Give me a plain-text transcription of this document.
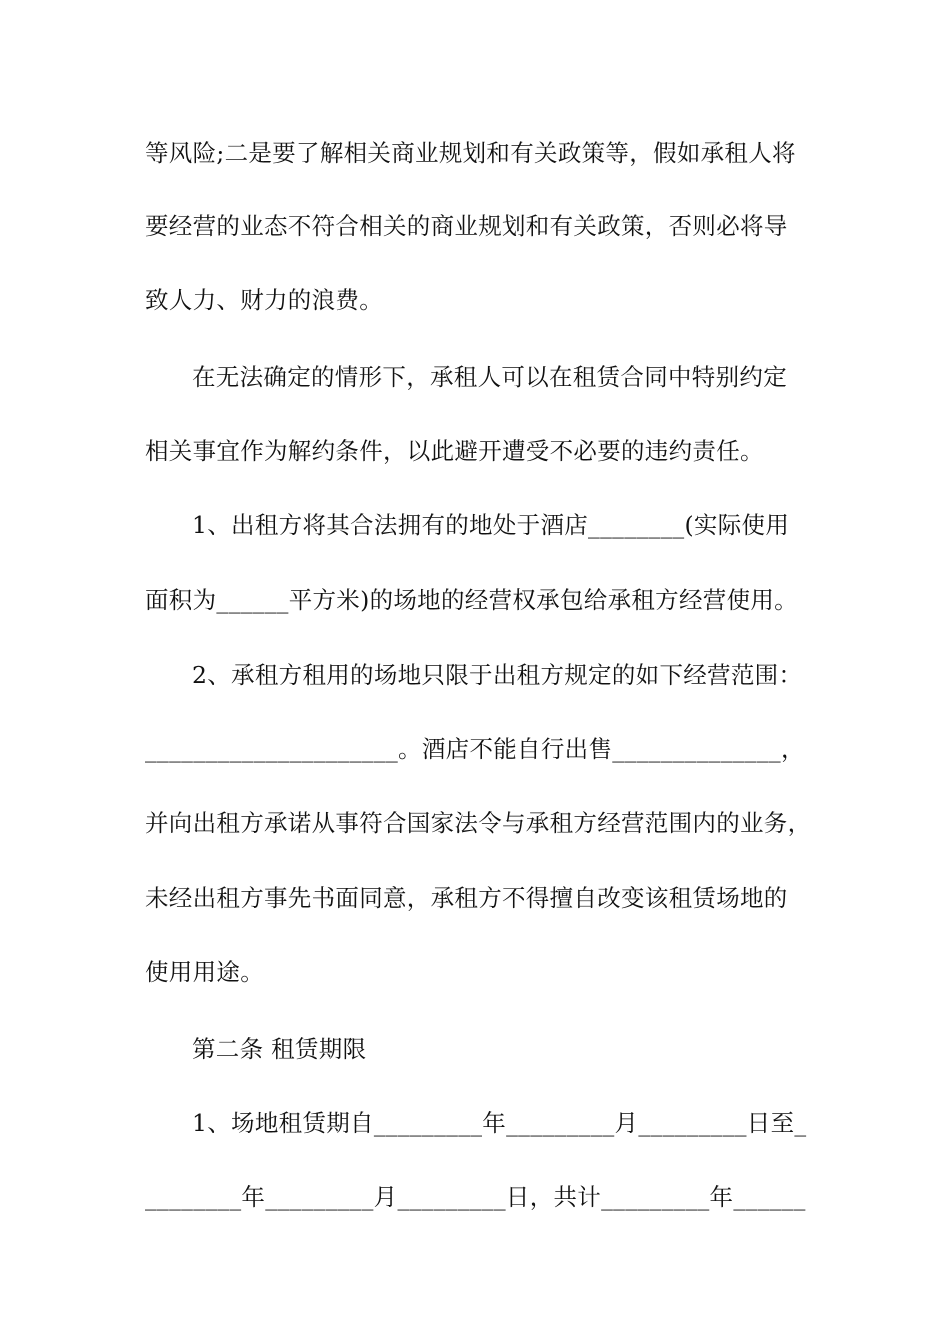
等风险;二是要了解相关商业规划和有关政策等，假如承租人将
要经营的业态不符合相关的商业规划和有关政策，否则必将导
致人力、财力的浪费。
在无法确定的情形下，承租人可以在租赁合同中特别约定
相关事宜作为解约条件，以此避开遭受不必要的违约责任。
1、出租方将其合法拥有的地处于酒店________(实际使用
面积为______平方米)的场地的经营权承包给承租方经营使用。
2、承租方租用的场地只限于出租方规定的如下经营范围：
_____________________。酒店不能自行出售______________，
并向出租方承诺从事符合国家法令与承租方经营范围内的业务，
未经出租方事先书面同意，承租方不得擅自改变该租赁场地的
使用用途。
第二条 租赁期限
1、场地租赁期自_________年_________月_________日至_
________年_________月_________日，共计_________年______
